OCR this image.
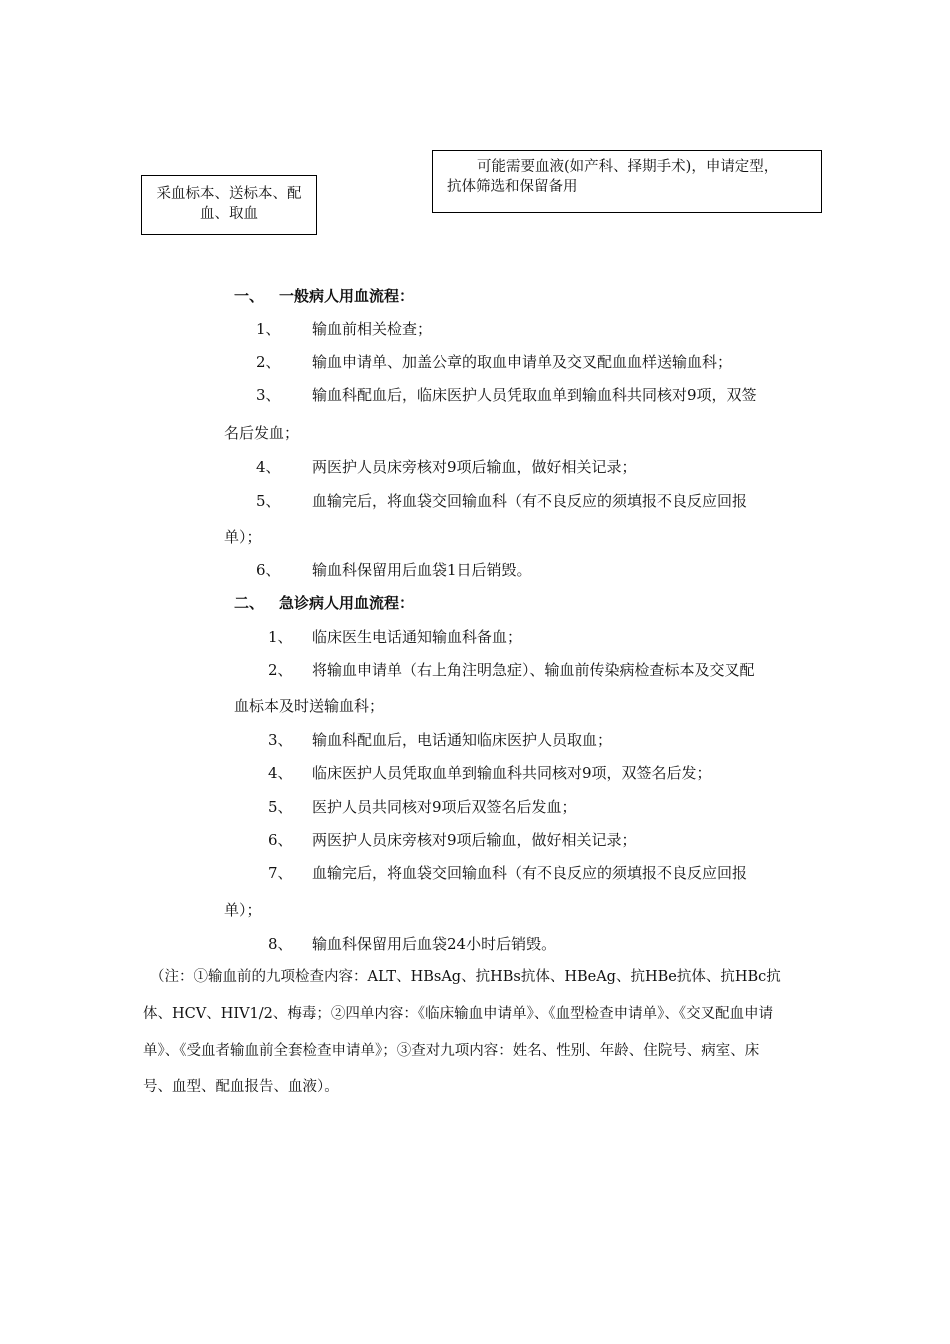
采血标本、送标本、配
血、取血
可能需要血液(如产科、择期手术)，申请定型，
抗体筛选和保留备用
一、 一般病人用血流程：
1、 输血前相关检查；
2、 输血申请单、加盖公章的取血申请单及交叉配血血样送输血科；
3、 输血科配血后，临床医护人员凭取血单到输血科共同核对9项，双签
名后发血；
4、 两医护人员床旁核对9项后输血，做好相关记录；
5、 血输完后，将血袋交回输血科（有不良反应的须填报不良反应回报
单）；
6、 输血科保留用后血袋1日后销毁。
二、 急诊病人用血流程：
1、 临床医生电话通知输血科备血；
2、 将输血申请单（右上角注明急症）、输血前传染病检查标本及交叉配
血标本及时送输血科；
3、 输血科配血后，电话通知临床医护人员取血；
4、 临床医护人员凭取血单到输血科共同核对9项，双签名后发；
5、 医护人员共同核对9项后双签名后发血；
6、 两医护人员床旁核对9项后输血，做好相关记录；
7、 血输完后，将血袋交回输血科（有不良反应的须填报不良反应回报
单）；
8、 输血科保留用后血袋24小时后销毁。
（注：①输血前的九项检查内容：ALT、HBsAg、抗HBs抗体、HBeAg、抗HBe抗体、抗HBc抗
体、HCV、HIV1/2、梅毒；②四单内容：《临床输血申请单》、《血型检查申请单》、《交叉配血申请
单》、《受血者输血前全套检查申请单》；③查对九项内容：姓名、性别、年龄、住院号、病室、床
号、血型、配血报告、血液）。
